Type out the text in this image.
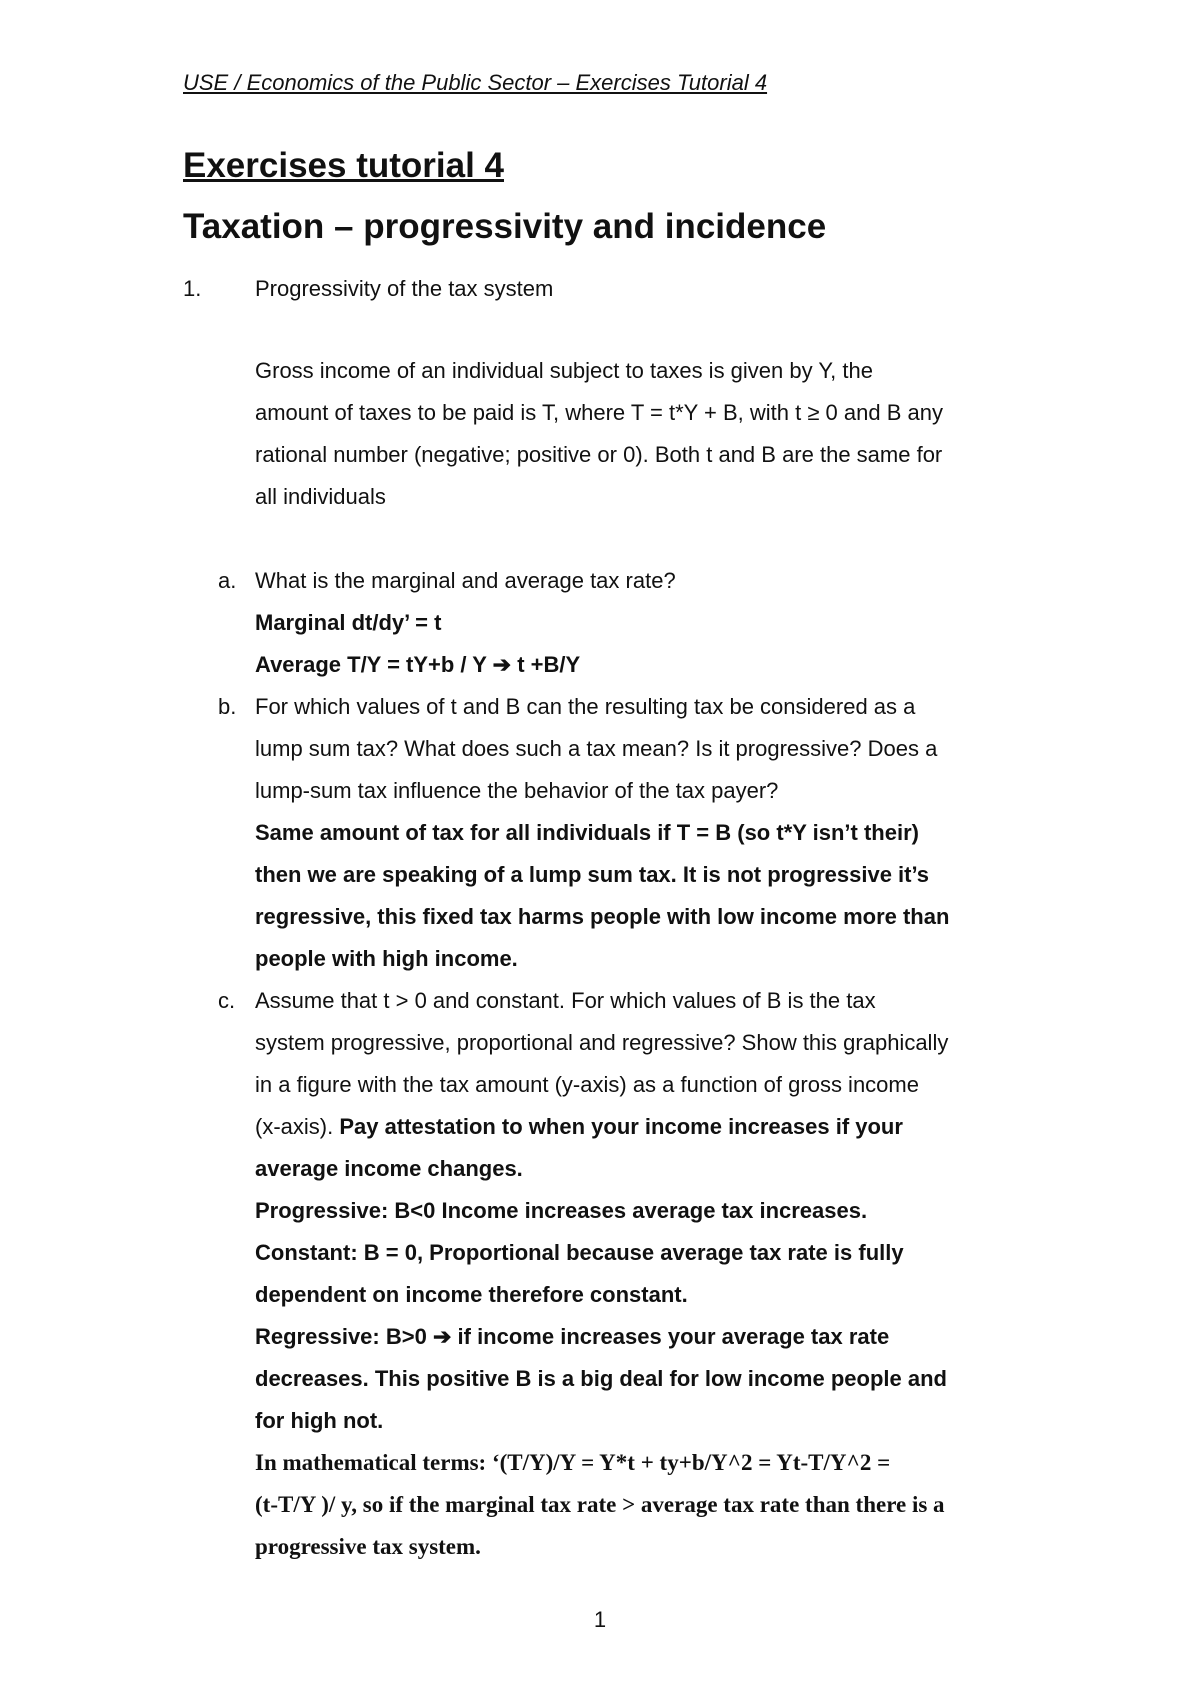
USE / Economics of the Public Sector – Exercises Tutorial 4
Exercises tutorial 4
Taxation – progressivity and incidence
1. Progressivity of the tax system
Gross income of an individual subject to taxes is given by Y, the
amount of taxes to be paid is T, where T = t*Y + B, with t ≥ 0 and B any
rational number (negative; positive or 0). Both t and B are the same for
all individuals
a. What is the marginal and average tax rate?
Marginal dt/dy’ = t
Average T/Y = tY+b / Y ➔ t +B/Y
b. For which values of t and B can the resulting tax be considered as a
lump sum tax? What does such a tax mean? Is it progressive? Does a
lump-sum tax influence the behavior of the tax payer?
Same amount of tax for all individuals if T = B (so t*Y isn’t their)
then we are speaking of a lump sum tax. It is not progressive it’s
regressive, this fixed tax harms people with low income more than
people with high income.
c. Assume that t > 0 and constant. For which values of B is the tax
system progressive, proportional and regressive? Show this graphically
in a figure with the tax amount (y-axis) as a function of gross income
(x-axis). Pay attestation to when your income increases if your
average income changes.
Progressive: B<0 Income increases average tax increases.
Constant: B = 0, Proportional because average tax rate is fully
dependent on income therefore constant.
Regressive: B>0 ➔ if income increases your average tax rate
decreases. This positive B is a big deal for low income people and
for high not.
In mathematical terms: ‘(T/Y)/Y = Y*t + ty+b/Y^2 = Yt-T/Y^2 =
(t-T/Y )/ y, so if the marginal tax rate > average tax rate than there is a
progressive tax system.
1
